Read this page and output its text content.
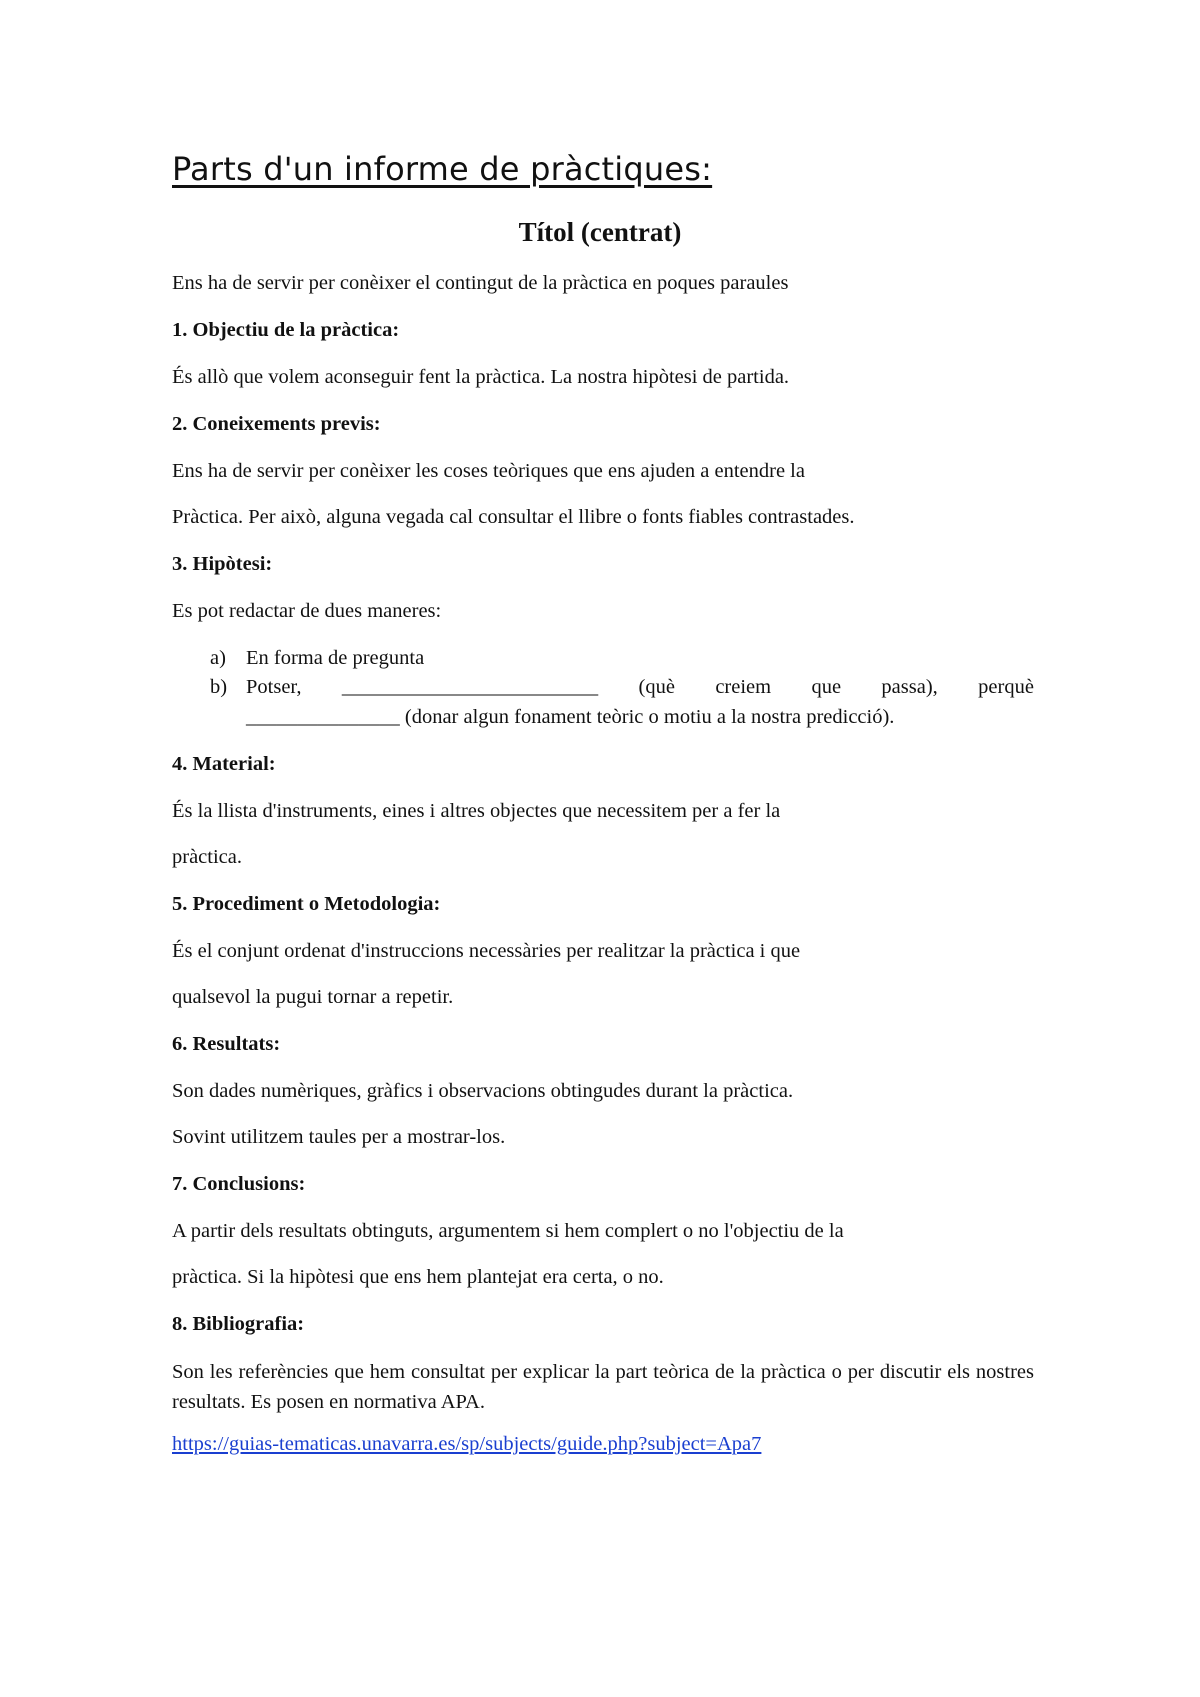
Parts d'un informe de pràctiques:
Títol (centrat)
Ens ha de servir per conèixer el contingut de la pràctica en poques paraules
1. Objectiu de la pràctica:
És allò que volem aconseguir fent la pràctica. La nostra hipòtesi de partida.
2. Coneixements previs:
Ens ha de servir per conèixer les coses teòriques que ens ajuden a entendre la
Pràctica. Per això, alguna vegada cal consultar el llibre o fonts fiables contrastades.
3. Hipòtesi:
Es pot redactar de dues maneres:
a) En forma de pregunta
b) Potser, _________________________ (què creiem que passa), perquè
_______________ (donar algun fonament teòric o motiu a la nostra predicció).
4. Material:
És la llista d'instruments, eines i altres objectes que necessitem per a fer la
pràctica.
5. Procediment o Metodologia:
És el conjunt ordenat d'instruccions necessàries per realitzar la pràctica i que
qualsevol la pugui tornar a repetir.
6. Resultats:
Son dades numèriques, gràfics i observacions obtingudes durant la pràctica.
Sovint utilitzem taules per a mostrar-los.
7. Conclusions:
A partir dels resultats obtinguts, argumentem si hem complert o no l'objectiu de la
pràctica. Si la hipòtesi que ens hem plantejat era certa, o no.
8. Bibliografia:
Son les referències que hem consultat per explicar la part teòrica de la pràctica o per discutir els nostres resultats. Es posen en normativa APA.
https://guias-tematicas.unavarra.es/sp/subjects/guide.php?subject=Apa7
